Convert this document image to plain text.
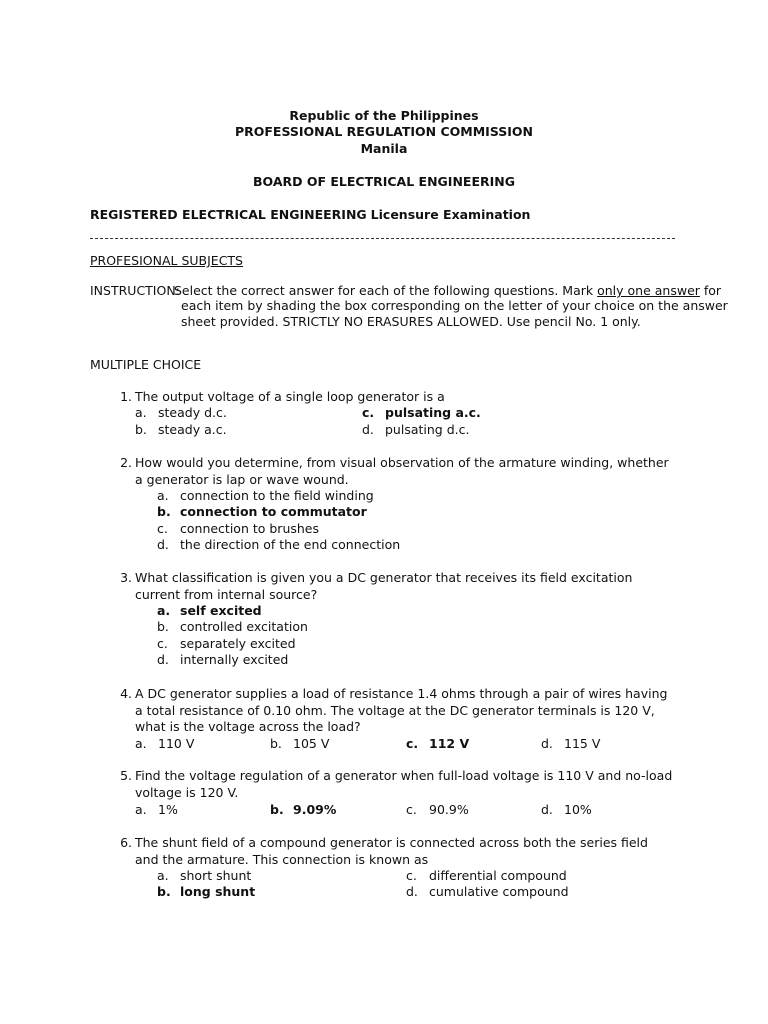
Republic of the Philippines
PROFESSIONAL REGULATION COMMISSION
Manila
BOARD OF ELECTRICAL ENGINEERING
REGISTERED ELECTRICAL ENGINEERING Licensure Examination
PROFESIONAL SUBJECTS
INSTRUCTION:
Select the correct answer for each of the following questions. Mark only one answer for
each item by shading the box corresponding on the letter of your choice on the answer
sheet provided. STRICTLY NO ERASURES ALLOWED. Use pencil No. 1 only.
MULTIPLE CHOICE
1. The output voltage of a single loop generator is a
a. steady d.c.	c. pulsating a.c.
b. steady a.c.	d. pulsating d.c.
2. How would you determine, from visual observation of the armature winding, whether a generator is lap or wave wound.
a. connection to the field winding
b. connection to commutator
c. connection to brushes
d. the direction of the end connection
3. What classification is given you a DC generator that receives its field excitation current from internal source?
a. self excited
b. controlled excitation
c. separately excited
d. internally excited
4. A DC generator supplies a load of resistance 1.4 ohms through a pair of wires having a total resistance of 0.10 ohm. The voltage at the DC generator terminals is 120 V, what is the voltage across the load?
a. 110 V	b. 105 V	c. 112 V	d. 115 V
5. Find the voltage regulation of a generator when full-load voltage is 110 V and no-load voltage is 120 V.
a. 1%	b. 9.09%	c. 90.9%	d. 10%
6. The shunt field of a compound generator is connected across both the series field and the armature. This connection is known as
a. short shunt	c. differential compound
b. long shunt	d. cumulative compound
